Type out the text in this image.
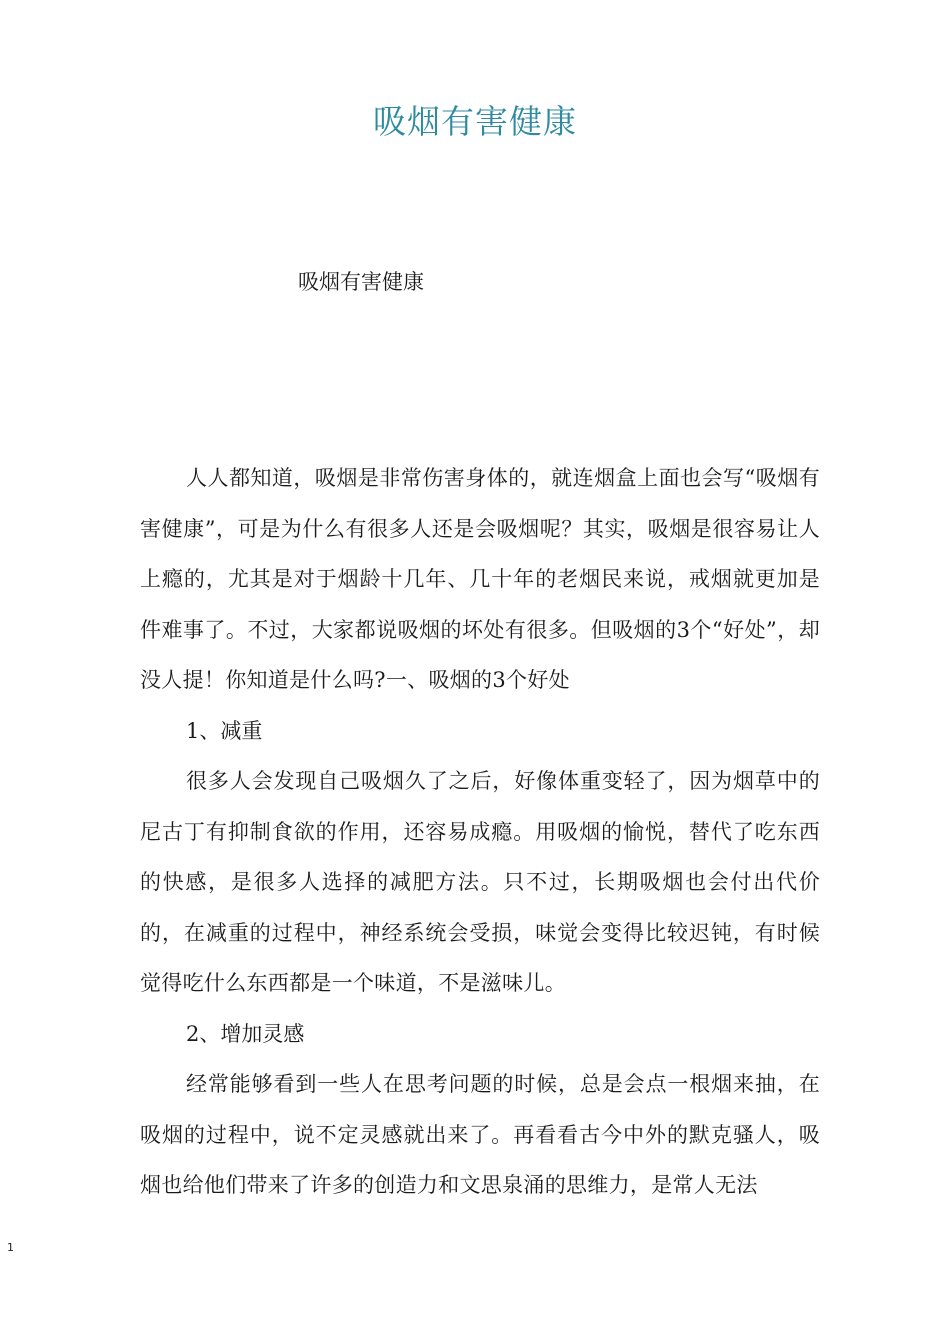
吸烟有害健康

吸烟有害健康

人人都知道，吸烟是非常伤害身体的，就连烟盒上面也会写“吸烟有害健康”，可是为什么有很多人还是会吸烟呢？其实，吸烟是很容易让人上瘾的，尤其是对于烟龄十几年、几十年的老烟民来说，戒烟就更加是件难事了。不过，大家都说吸烟的坏处有很多。但吸烟的3个“好处”，却没人提！你知道是什么吗?一、吸烟的3个好处

1、减重

很多人会发现自己吸烟久了之后，好像体重变轻了，因为烟草中的尼古丁有抑制食欲的作用，还容易成瘾。用吸烟的愉悦，替代了吃东西的快感，是很多人选择的减肥方法。只不过，长期吸烟也会付出代价的，在减重的过程中，神经系统会受损，味觉会变得比较迟钝，有时候觉得吃什么东西都是一个味道，不是滋味儿。

2、增加灵感

经常能够看到一些人在思考问题的时候，总是会点一根烟来抽，在吸烟的过程中，说不定灵感就出来了。再看看古今中外的默克骚人，吸烟也给他们带来了许多的创造力和文思泉涌的思维力，是常人无法

1
